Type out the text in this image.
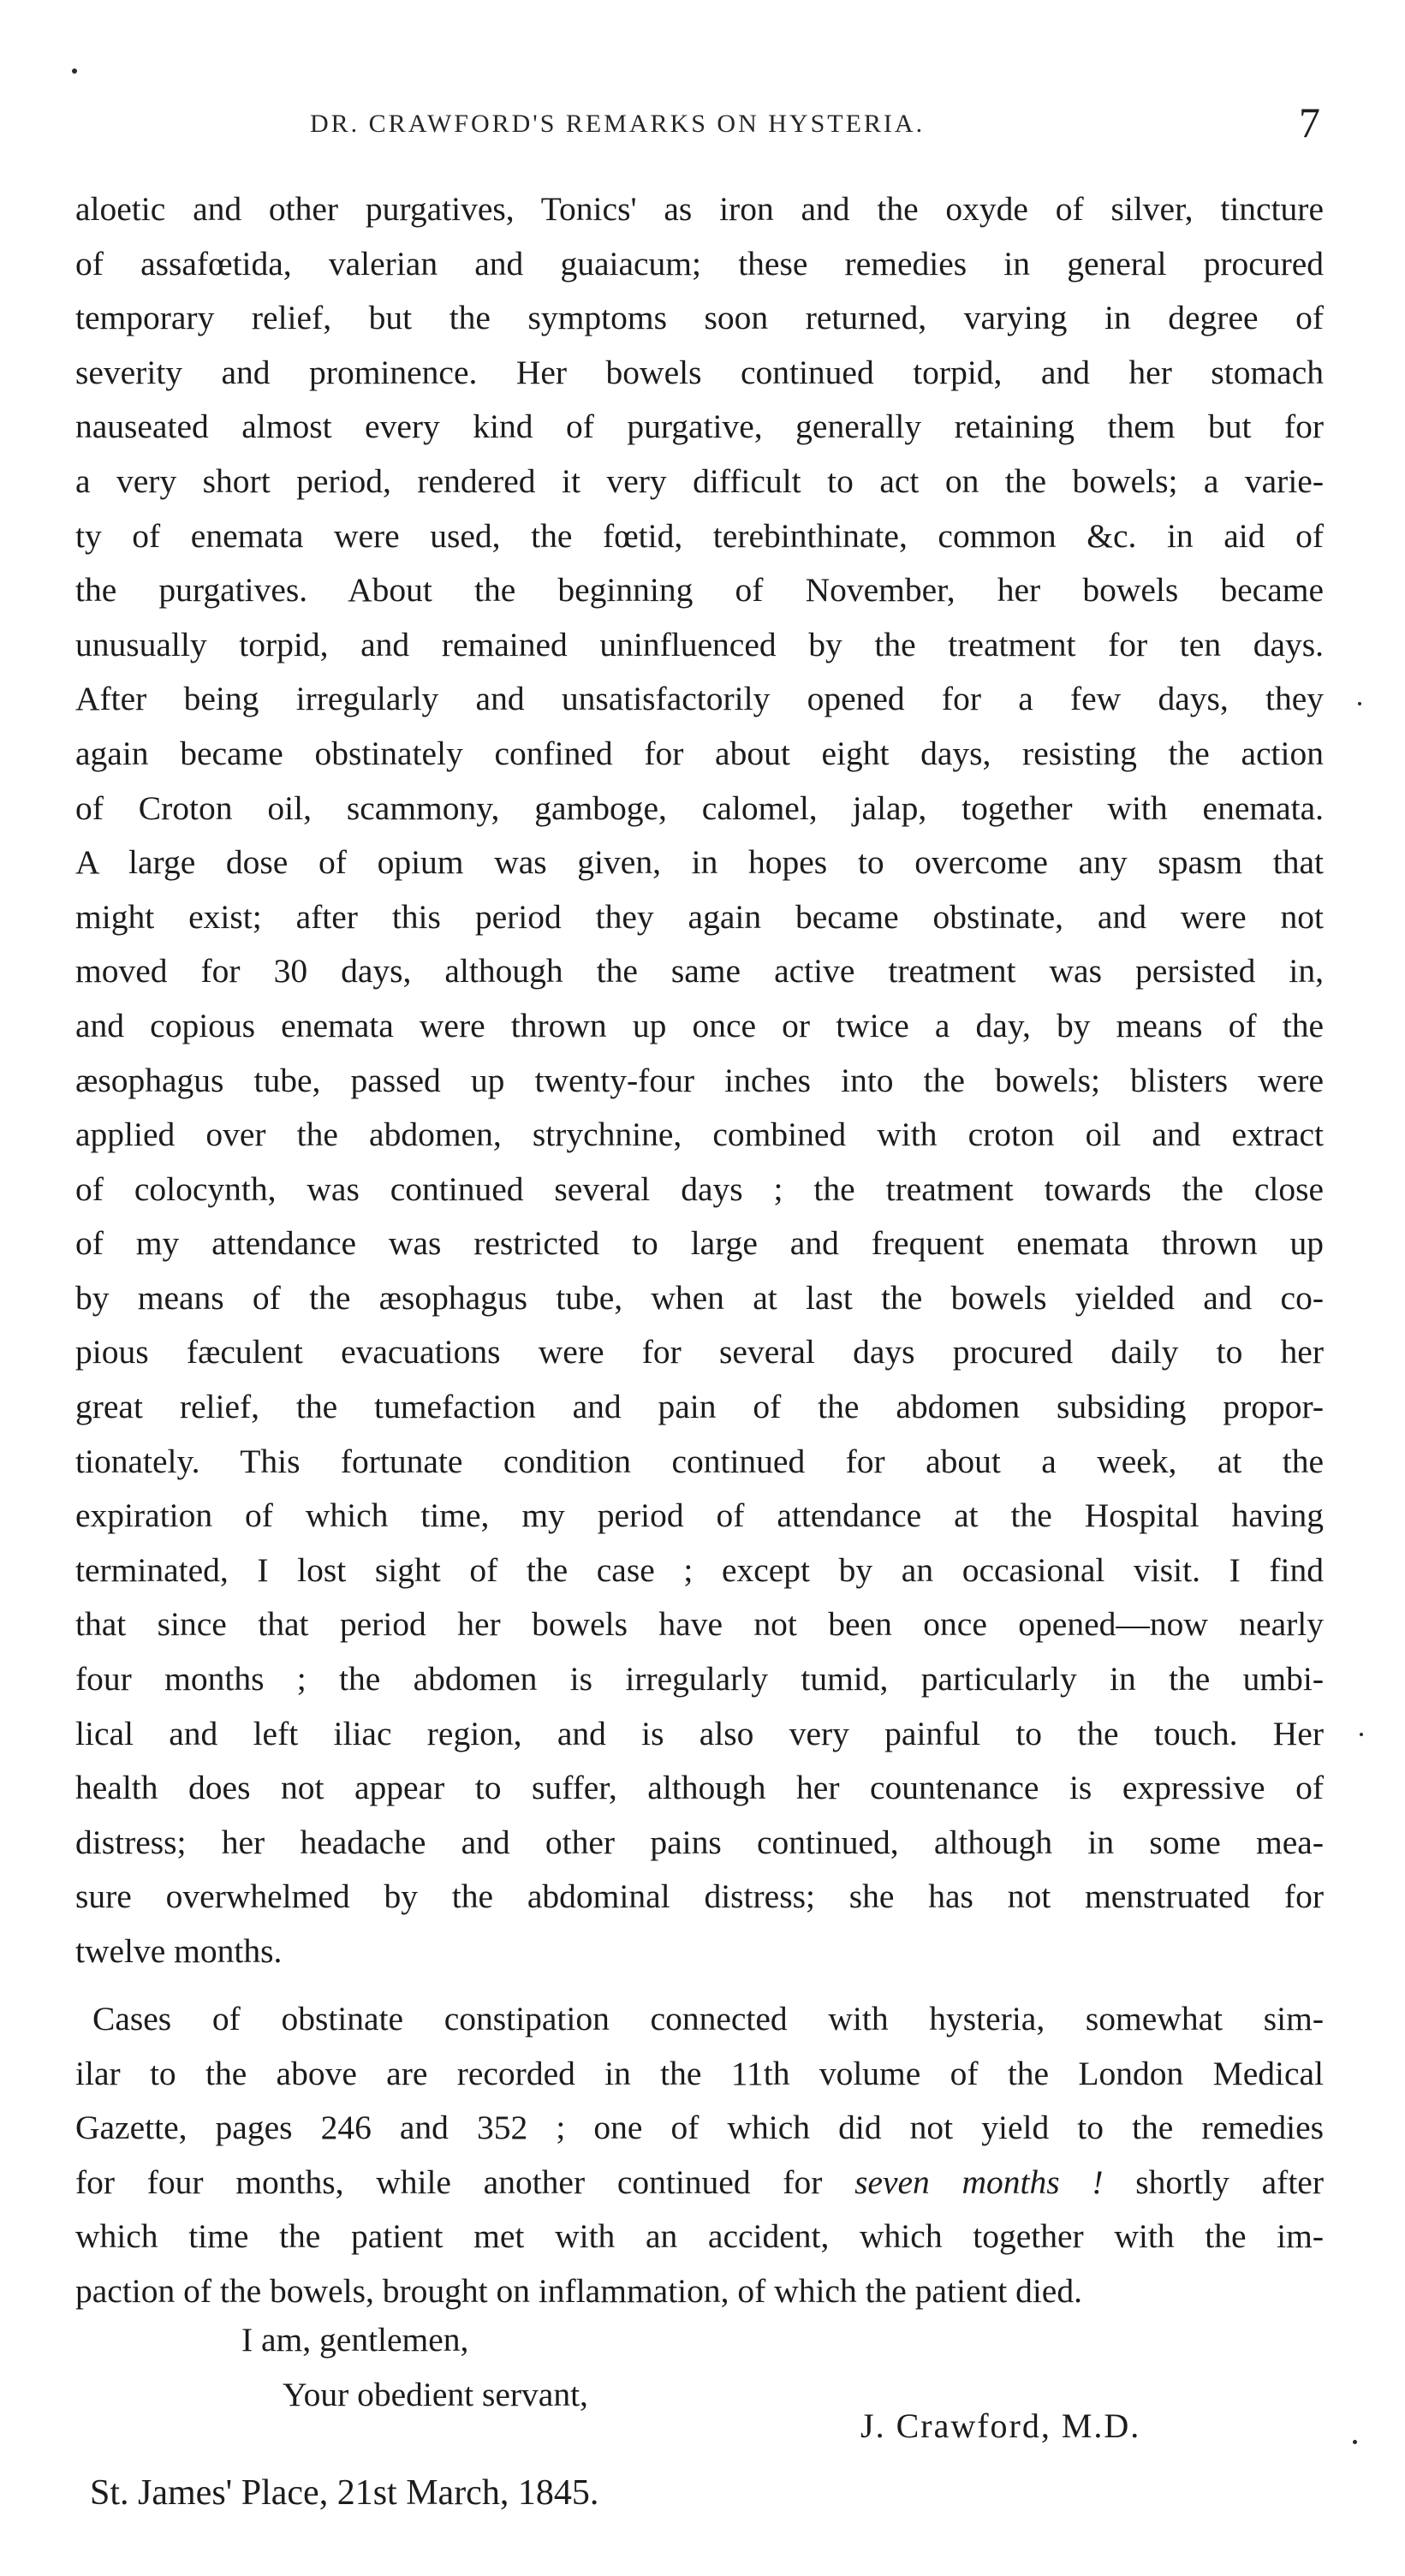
DR. CRAWFORD'S REMARKS ON HYSTERIA.	7
aloetic and other purgatives, Tonics' as iron and the oxyde of silver, tincture
of assafœtida, valerian and guaiacum; these remedies in general procured
temporary relief, but the symptoms soon returned, varying in degree of
severity and prominence. Her bowels continued torpid, and her stomach
nauseated almost every kind of purgative, generally retaining them but for
a very short period, rendered it very difficult to act on the bowels; a varie-
ty of enemata were used, the fœtid, terebinthinate, common &c. in aid of
the purgatives. About the beginning of November, her bowels became
unusually torpid, and remained uninfluenced by the treatment for ten days.
After being irregularly and unsatisfactorily opened for a few days, they
again became obstinately confined for about eight days, resisting the action
of Croton oil, scammony, gamboge, calomel, jalap, together with enemata.
A large dose of opium was given, in hopes to overcome any spasm that
might exist; after this period they again became obstinate, and were not
moved for 30 days, although the same active treatment was persisted in,
and copious enemata were thrown up once or twice a day, by means of the
æsophagus tube, passed up twenty-four inches into the bowels; blisters were
applied over the abdomen, strychnine, combined with croton oil and extract
of colocynth, was continued several days ; the treatment towards the close
of my attendance was restricted to large and frequent enemata thrown up
by means of the æsophagus tube, when at last the bowels yielded and co-
pious fæculent evacuations were for several days procured daily to her
great relief, the tumefaction and pain of the abdomen subsiding propor-
tionately. This fortunate condition continued for about a week, at the
expiration of which time, my period of attendance at the Hospital having
terminated, I lost sight of the case ; except by an occasional visit. I find
that since that period her bowels have not been once opened—now nearly
four months ; the abdomen is irregularly tumid, particularly in the umbi-
lical and left iliac region, and is also very painful to the touch. Her
health does not appear to suffer, although her countenance is expressive of
distress; her headache and other pains continued, although in some mea-
sure overwhelmed by the abdominal distress; she has not menstruated for
twelve months.
Cases of obstinate constipation connected with hysteria, somewhat sim-
ilar to the above are recorded in the 11th volume of the London Medical
Gazette, pages 246 and 352 ; one of which did not yield to the remedies
for four months, while another continued for seven months ! shortly after
which time the patient met with an accident, which together with the im-
paction of the bowels, brought on inflammation, of which the patient died.
I am, gentlemen,
Your obedient servant,
J. Crawford, M.D.
St. James' Place, 21st March, 1845.
